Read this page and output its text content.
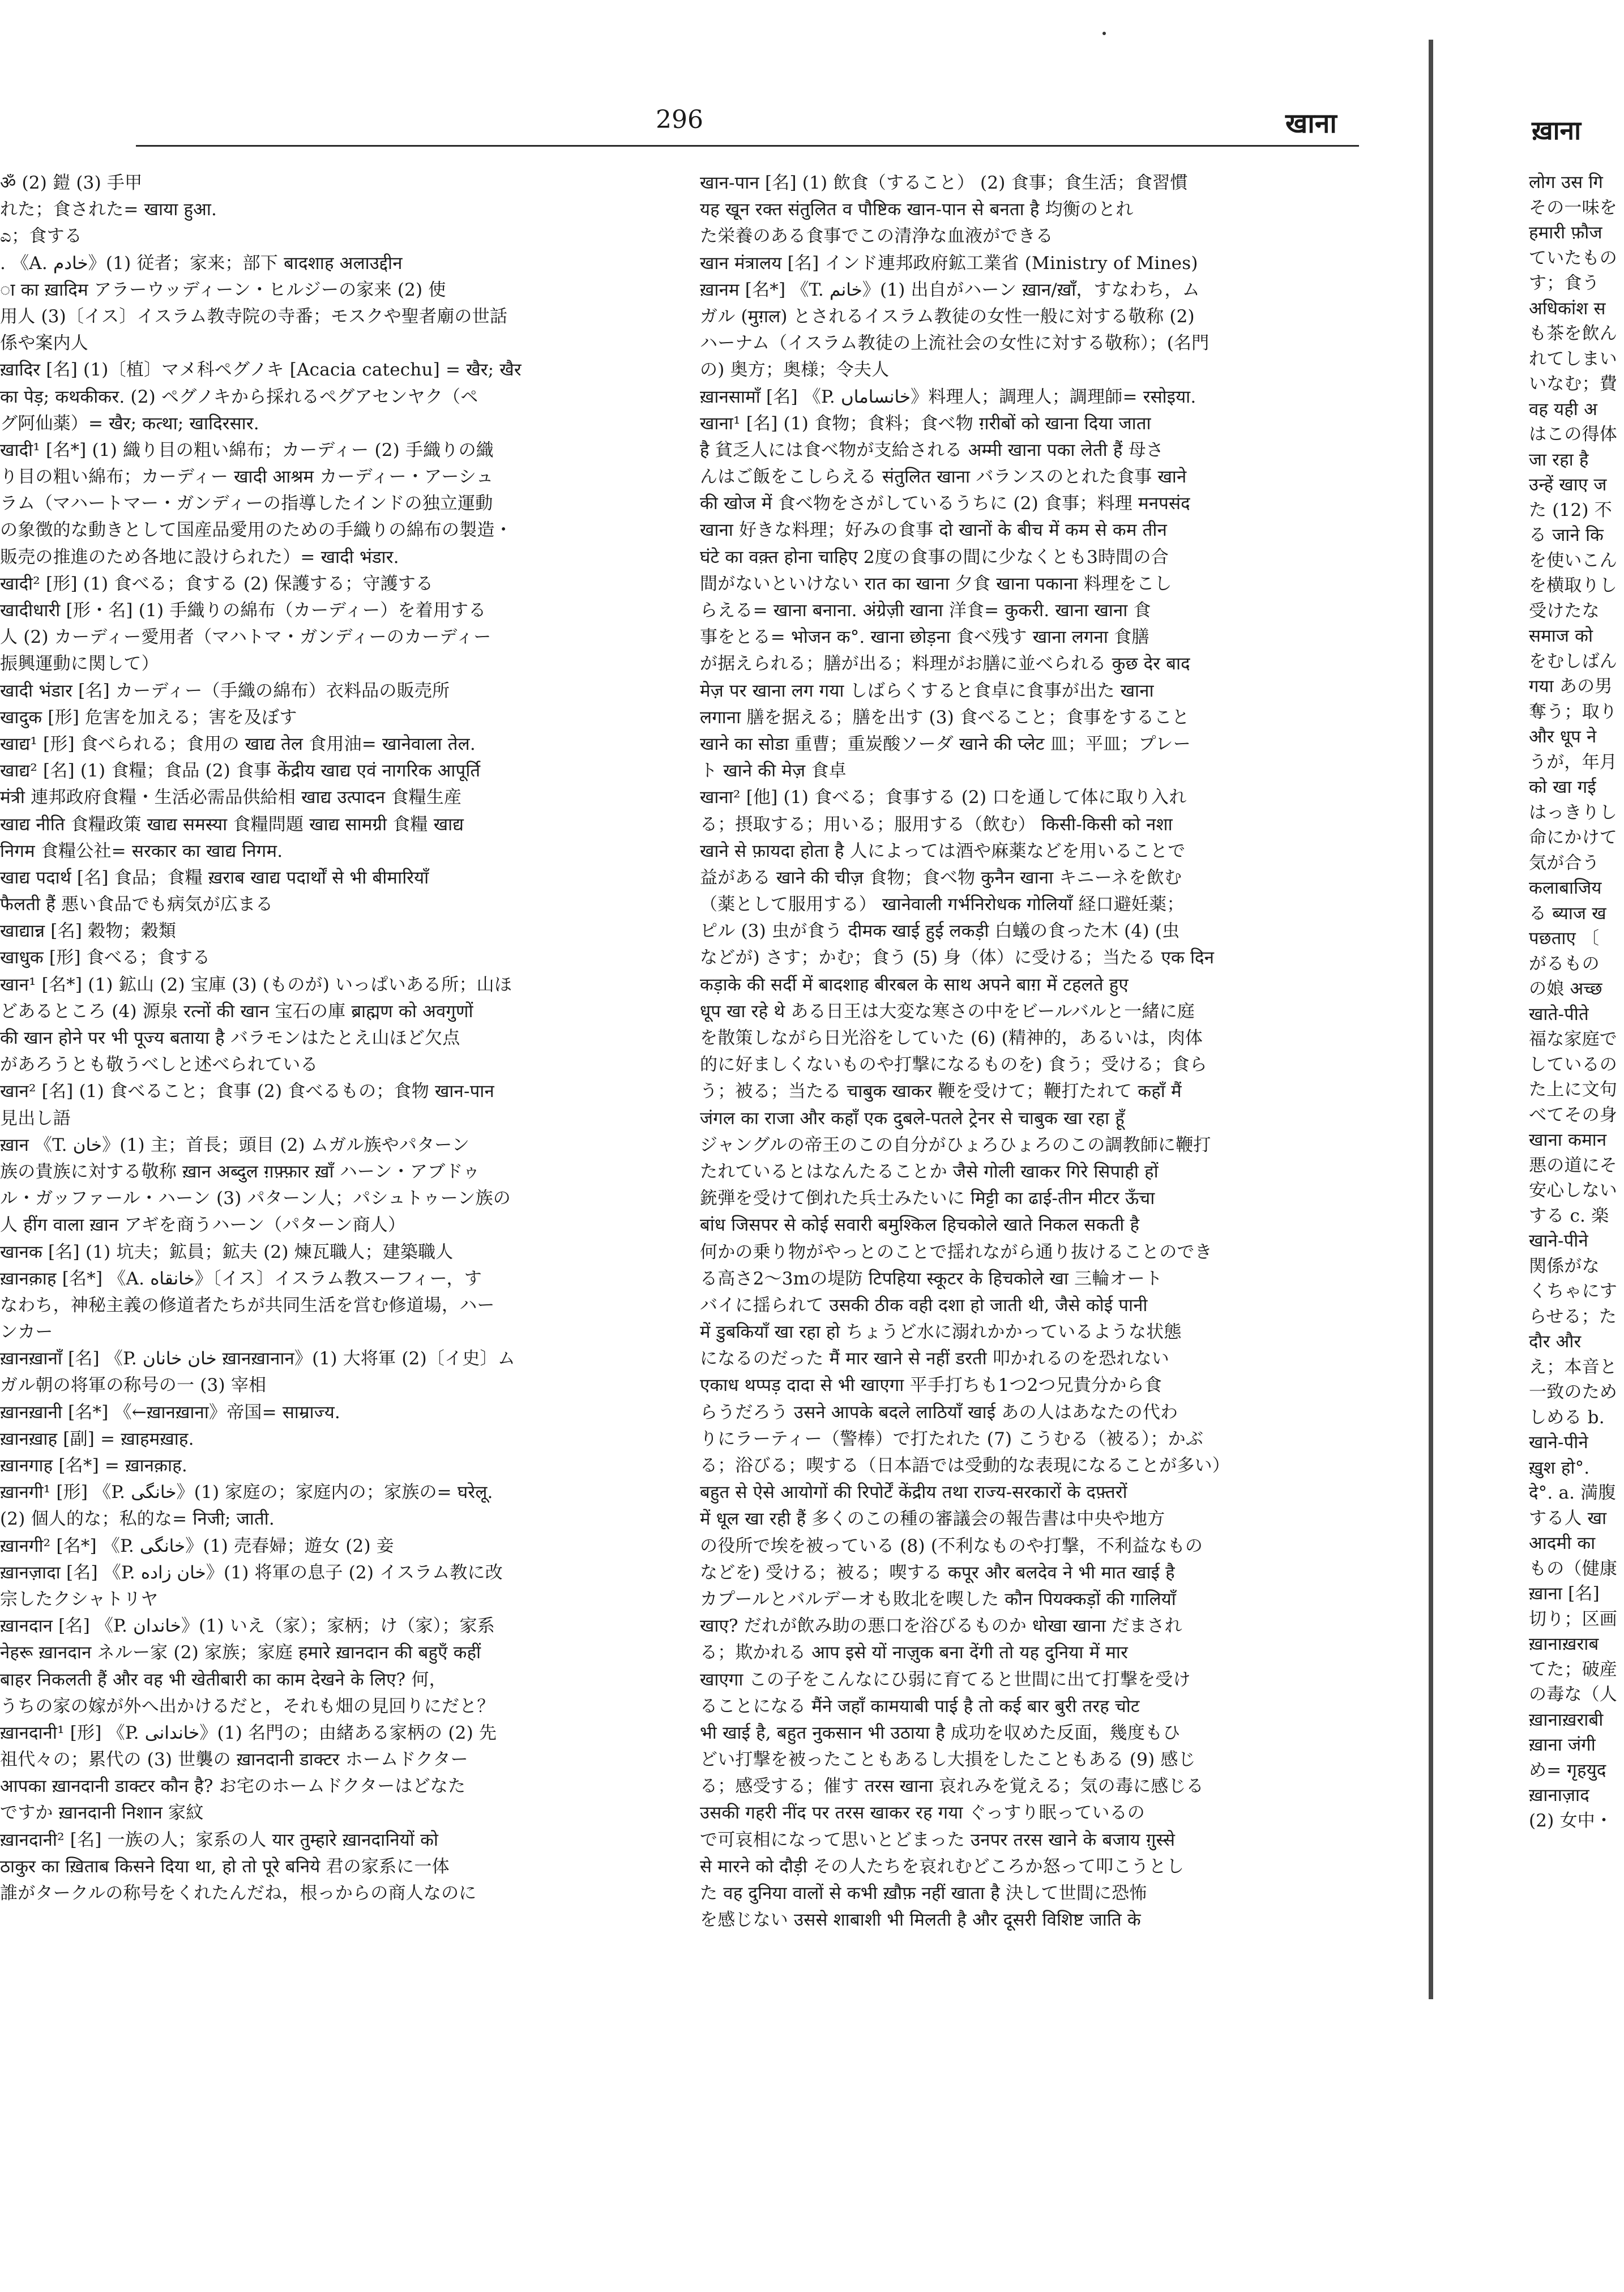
296	खाना	ख़ाना
ॐ (2) 鎧 (3) 手甲
れた；食された= खाया हुआ.
ಎ；食する
. 《A. خادم》(1) 従者；家来；部下 बादशाह अलाउद्दीन
ा का ख़ादिम アラーウッディーン・ヒルジーの家来 (2) 使
用人 (3)〔イス〕イスラム教寺院の寺番；モスクや聖者廟の世話
係や案内人
ख़ादिर [名] (1)〔植〕マメ科ペグノキ [Acacia catechu] = खैर; खैर
का पेड़; कथकीकर. (2) ペグノキから採れるペグアセンヤク（ペ
グ阿仙薬）= खैर; कत्था; खादिरसार.
खादी¹ [名*] (1) 織り目の粗い綿布；カーディー (2) 手織りの織
り目の粗い綿布；カーディー खादी आश्रम カーディー・アーシュ
ラム（マハートマー・ガンディーの指導したインドの独立運動
の象徴的な動きとして国産品愛用のための手織りの綿布の製造・
販売の推進のため各地に設けられた）= खादी भंडार.
खादी² [形] (1) 食べる；食する (2) 保護する；守護する
खादीधारी [形・名] (1) 手織りの綿布（カーディー）を着用する
人 (2) カーディー愛用者（マハトマ・ガンディーのカーディー
振興運動に関して）
खादी भंडार [名] カーディー（手織の綿布）衣料品の販売所
खादुक [形] 危害を加える；害を及ぼす
खाद्य¹ [形] 食べられる；食用の खाद्य तेल 食用油= खानेवाला तेल.
खाद्य² [名] (1) 食糧；食品 (2) 食事 केंद्रीय खाद्य एवं नागरिक आपूर्ति
मंत्री 連邦政府食糧・生活必需品供給相 खाद्य उत्पादन 食糧生産
खाद्य नीति 食糧政策 खाद्य समस्या 食糧問題 खाद्य सामग्री 食糧 खाद्य
निगम 食糧公社= सरकार का खाद्य निगम.
खाद्य पदार्थ [名] 食品；食糧 ख़राब खाद्य पदार्थों से भी बीमारियाँ
फैलती हैं 悪い食品でも病気が広まる
खाद्यान्न [名] 穀物；穀類
खाधुक [形] 食べる；食する
खान¹ [名*] (1) 鉱山 (2) 宝庫 (3) (ものが) いっぱいある所；山ほ
どあるところ (4) 源泉 रत्नों की खान 宝石の庫 ब्राह्मण को अवगुणों
की खान होने पर भी पूज्य बताया है バラモンはたとえ山ほど欠点
があろうとも敬うべしと述べられている
खान² [名] (1) 食べること；食事 (2) 食べるもの；食物 खान-पान
見出し語
ख़ान 《T. خان》(1) 主；首長；頭目 (2) ムガル族やパターン
族の貴族に対する敬称 ख़ान अब्दुल ग़फ़्फ़ार ख़ाँ ハーン・アブドゥ
ル・ガッファール・ハーン (3) パターン人；パシュトゥーン族の
人 हींग वाला ख़ान アギを商うハーン（パターン商人）
खानक [名] (1) 坑夫；鉱員；鉱夫 (2) 煉瓦職人；建築職人
ख़ानक़ाह [名*] 《A. خانقاه》〔イス〕イスラム教スーフィー，す
なわち，神秘主義の修道者たちが共同生活を営む修道場，ハー
ンカー
ख़ानख़ानाँ [名] 《P. خان خانان ख़ानख़ानान》(1) 大将軍 (2)〔イ史〕ム
ガル朝の将軍の称号の一 (3) 宰相
ख़ानख़ानी [名*] 《←ख़ानख़ाना》帝国= साम्राज्य.
ख़ानख़ाह [副] = ख़ाहमख़ाह.
ख़ानगाह [名*] = ख़ानक़ाह.
ख़ानगी¹ [形] 《P. خانگی》(1) 家庭の；家庭内の；家族の= घरेलू.
(2) 個人的な；私的な= निजी; जाती.
ख़ानगी² [名*] 《P. خانگی》(1) 売春婦；遊女 (2) 妾
ख़ानज़ादा [名] 《P. خان زاده》(1) 将軍の息子 (2) イスラム教に改
宗したクシャトリヤ
ख़ानदान [名] 《P. خاندان》(1) いえ（家）；家柄；け（家）；家系
नेहरू ख़ानदान ネルー家 (2) 家族；家庭 हमारे ख़ानदान की बहुएँ कहीं
बाहर निकलती हैं और वह भी खेतीबारी का काम देखने के लिए? 何，
うちの家の嫁が外へ出かけるだと，それも畑の見回りにだと？
ख़ानदानी¹ [形] 《P. خاندانی》(1) 名門の；由緒ある家柄の (2) 先
祖代々の；累代の (3) 世襲の ख़ानदानी डाक्टर ホームドクター
आपका ख़ानदानी डाक्टर कौन है? お宅のホームドクターはどなた
ですか ख़ानदानी निशान 家紋
ख़ानदानी² [名] 一族の人；家系の人 यार तुम्हारे ख़ानदानियों को
ठाकुर का ख़िताब किसने दिया था, हो तो पूरे बनिये 君の家系に一体
誰がタークルの称号をくれたんだね，根っからの商人なのに
खान-पान [名] (1) 飲食（すること） (2) 食事；食生活；食習慣
यह खून रक्त संतुलित व पौष्टिक खान-पान से बनता है 均衡のとれ
た栄養のある食事でこの清浄な血液ができる
खान मंत्रालय [名] インド連邦政府鉱工業省 (Ministry of Mines)
ख़ानम [名*] 《T. خانم》(1) 出自がハーン ख़ान/ख़ाँ，すなわち，ム
ガル (मुग़ल) とされるイスラム教徒の女性一般に対する敬称 (2)
ハーナム（イスラム教徒の上流社会の女性に対する敬称）；(名門
の) 奥方；奥様；令夫人
ख़ानसामाँ [名] 《P. خانساماں》料理人；調理人；調理師= रसोइया.
खाना¹ [名] (1) 食物；食料；食べ物 ग़रीबों को खाना दिया जाता
है 貧乏人には食べ物が支給される अम्मी खाना पका लेती हैं 母さ
んはご飯をこしらえる संतुलित खाना バランスのとれた食事 खाने
की खोज में 食べ物をさがしているうちに (2) 食事；料理 मनपसंद
खाना 好きな料理；好みの食事 दो खानों के बीच में कम से कम तीन
घंटे का वक़्त होना चाहिए 2度の食事の間に少なくとも3時間の合
間がないといけない रात का खाना 夕食 खाना पकाना 料理をこし
らえる= खाना बनाना. अंग्रेज़ी खाना 洋食= कुकरी. खाना खाना 食
事をとる= भोजन क°. खाना छोड़ना 食べ残す खाना लगना 食膳
が据えられる；膳が出る；料理がお膳に並べられる कुछ देर बाद
मेज़ पर खाना लग गया しばらくすると食卓に食事が出た खाना
लगाना 膳を据える；膳を出す (3) 食べること；食事をすること
खाने का सोडा 重曹；重炭酸ソーダ खाने की प्लेट 皿；平皿；プレー
ト खाने की मेज़ 食卓
खाना² [他] (1) 食べる；食事する (2) 口を通して体に取り入れ
る；摂取する；用いる；服用する（飲む） किसी-किसी को नशा
खाने से फ़ायदा होता है 人によっては酒や麻薬などを用いることで
益がある खाने की चीज़ 食物；食べ物 कुनैन खाना キニーネを飲む
（薬として服用する） खानेवाली गर्भनिरोधक गोलियाँ 経口避妊薬；
ピル (3) 虫が食う दीमक खाई हुई लकड़ी 白蟻の食った木 (4) (虫
などが) さす；かむ；食う (5) 身（体）に受ける；当たる एक दिन
कड़ाके की सर्दी में बादशाह बीरबल के साथ अपने बाग़ में टहलते हुए
धूप खा रहे थे ある日王は大変な寒さの中をビールバルと一緒に庭
を散策しながら日光浴をしていた (6) (精神的，あるいは，肉体
的に好ましくないものや打撃になるものを) 食う；受ける；食ら
う；被る；当たる चाबुक खाकर 鞭を受けて；鞭打たれて कहाँ मैं
जंगल का राजा और कहाँ एक दुबले-पतले ट्रेनर से चाबुक खा रहा हूँ
ジャングルの帝王のこの自分がひょろひょろのこの調教師に鞭打
たれているとはなんたることか जैसे गोली खाकर गिरे सिपाही हों
銃弾を受けて倒れた兵士みたいに मिट्टी का ढाई-तीन मीटर ऊँचा
बांध जिसपर से कोई सवारी बमुश्किल हिचकोले खाते निकल सकती है
何かの乗り物がやっとのことで揺れながら通り抜けることのでき
る高さ2〜3mの堤防 टिपहिया स्कूटर के हिचकोले खा 三輪オート
バイに揺られて उसकी ठीक वही दशा हो जाती थी, जैसे कोई पानी
में डुबकियाँ खा रहा हो ちょうど水に溺れかかっているような状態
になるのだった मैं मार खाने से नहीं डरती 叩かれるのを恐れない
एकाध थप्पड़ दादा से भी खाएगा 平手打ちも1つ2つ兄貴分から食
らうだろう उसने आपके बदले लाठियाँ खाई あの人はあなたの代わ
りにラーティー（警棒）で打たれた (7) こうむる（被る）；かぶ
る；浴びる；喫する（日本語では受動的な表現になることが多い）
बहुत से ऐसे आयोगों की रिपोर्टें केंद्रीय तथा राज्य-सरकारों के दफ़्तरों
में धूल खा रही हैं 多くのこの種の審議会の報告書は中央や地方
の役所で埃を被っている (8) (不利なものや打撃，不利益なもの
などを) 受ける；被る；喫する कपूर और बलदेव ने भी मात खाई है
カプールとバルデーオも敗北を喫した कौन पियक्कड़ों की गालियाँ
खाए? だれが飲み助の悪口を浴びるものか धोखा खाना だまされ
る；欺かれる आप इसे यों नाज़ुक बना देंगी तो यह दुनिया में मार
खाएगा この子をこんなにひ弱に育てると世間に出て打撃を受け
ることになる मैंने जहाँ कामयाबी पाई है तो कई बार बुरी तरह चोट
भी खाई है, बहुत नुकसान भी उठाया है 成功を収めた反面，幾度もひ
どい打撃を被ったこともあるし大損をしたこともある (9) 感じ
る；感受する；催す तरस खाना 哀れみを覚える；気の毒に感じる
उसकी गहरी नींद पर तरस खाकर रह गया ぐっすり眠っているの
で可哀相になって思いとどまった उनपर तरस खाने के बजाय ग़ुस्से
से मारने को दौड़ी その人たちを哀れむどころか怒って叩こうとし
た वह दुनिया वालों से कभी ख़ौफ़ नहीं खाता है 決して世間に恐怖
を感じない उससे शाबाशी भी मिलती है और दूसरी विशिष्ट जाति के
लोग उस गि
その一味を
हमारी फ़ौज
ていたもの
す；食う
अधिकांश स
も茶を飲ん
れてしまい
いなむ；費
वह यही अ
はこの得体
जा रहा है
उन्हें खाए ज
た (12) 不
る जाने कि
を使いこん
を横取りし
受けたな
समाज को
をむしばん
गया あの男
奪う；取り
और धूप ने
うが，年月
को खा गई
はっきりし
命にかけて
気が合う
कलाबाजिय
る ब्याज ख
पछताए 〔
がるもの
の娘 अच्छ
खाते-पीते
福な家庭で
しているの
た上に文句
べてその身
खाना कमान
悪の道にそ
安心しない
する c. 楽
खाने-पीने
関係がな
くちゃにす
らせる；た
दौर और
え；本音と
一致のため
しめる b.
खाने-पीने
ख़ुश हो°.
दे°. a. 満腹
する人 खा
आदमी का
もの（健康
ख़ाना [名]
切り；区画
ख़ानाख़राब
てた；破産
の毒な（人
ख़ानाख़राबी
ख़ाना जंगी
め= गृहयुद
ख़ानाज़ाद
(2) 女中・
